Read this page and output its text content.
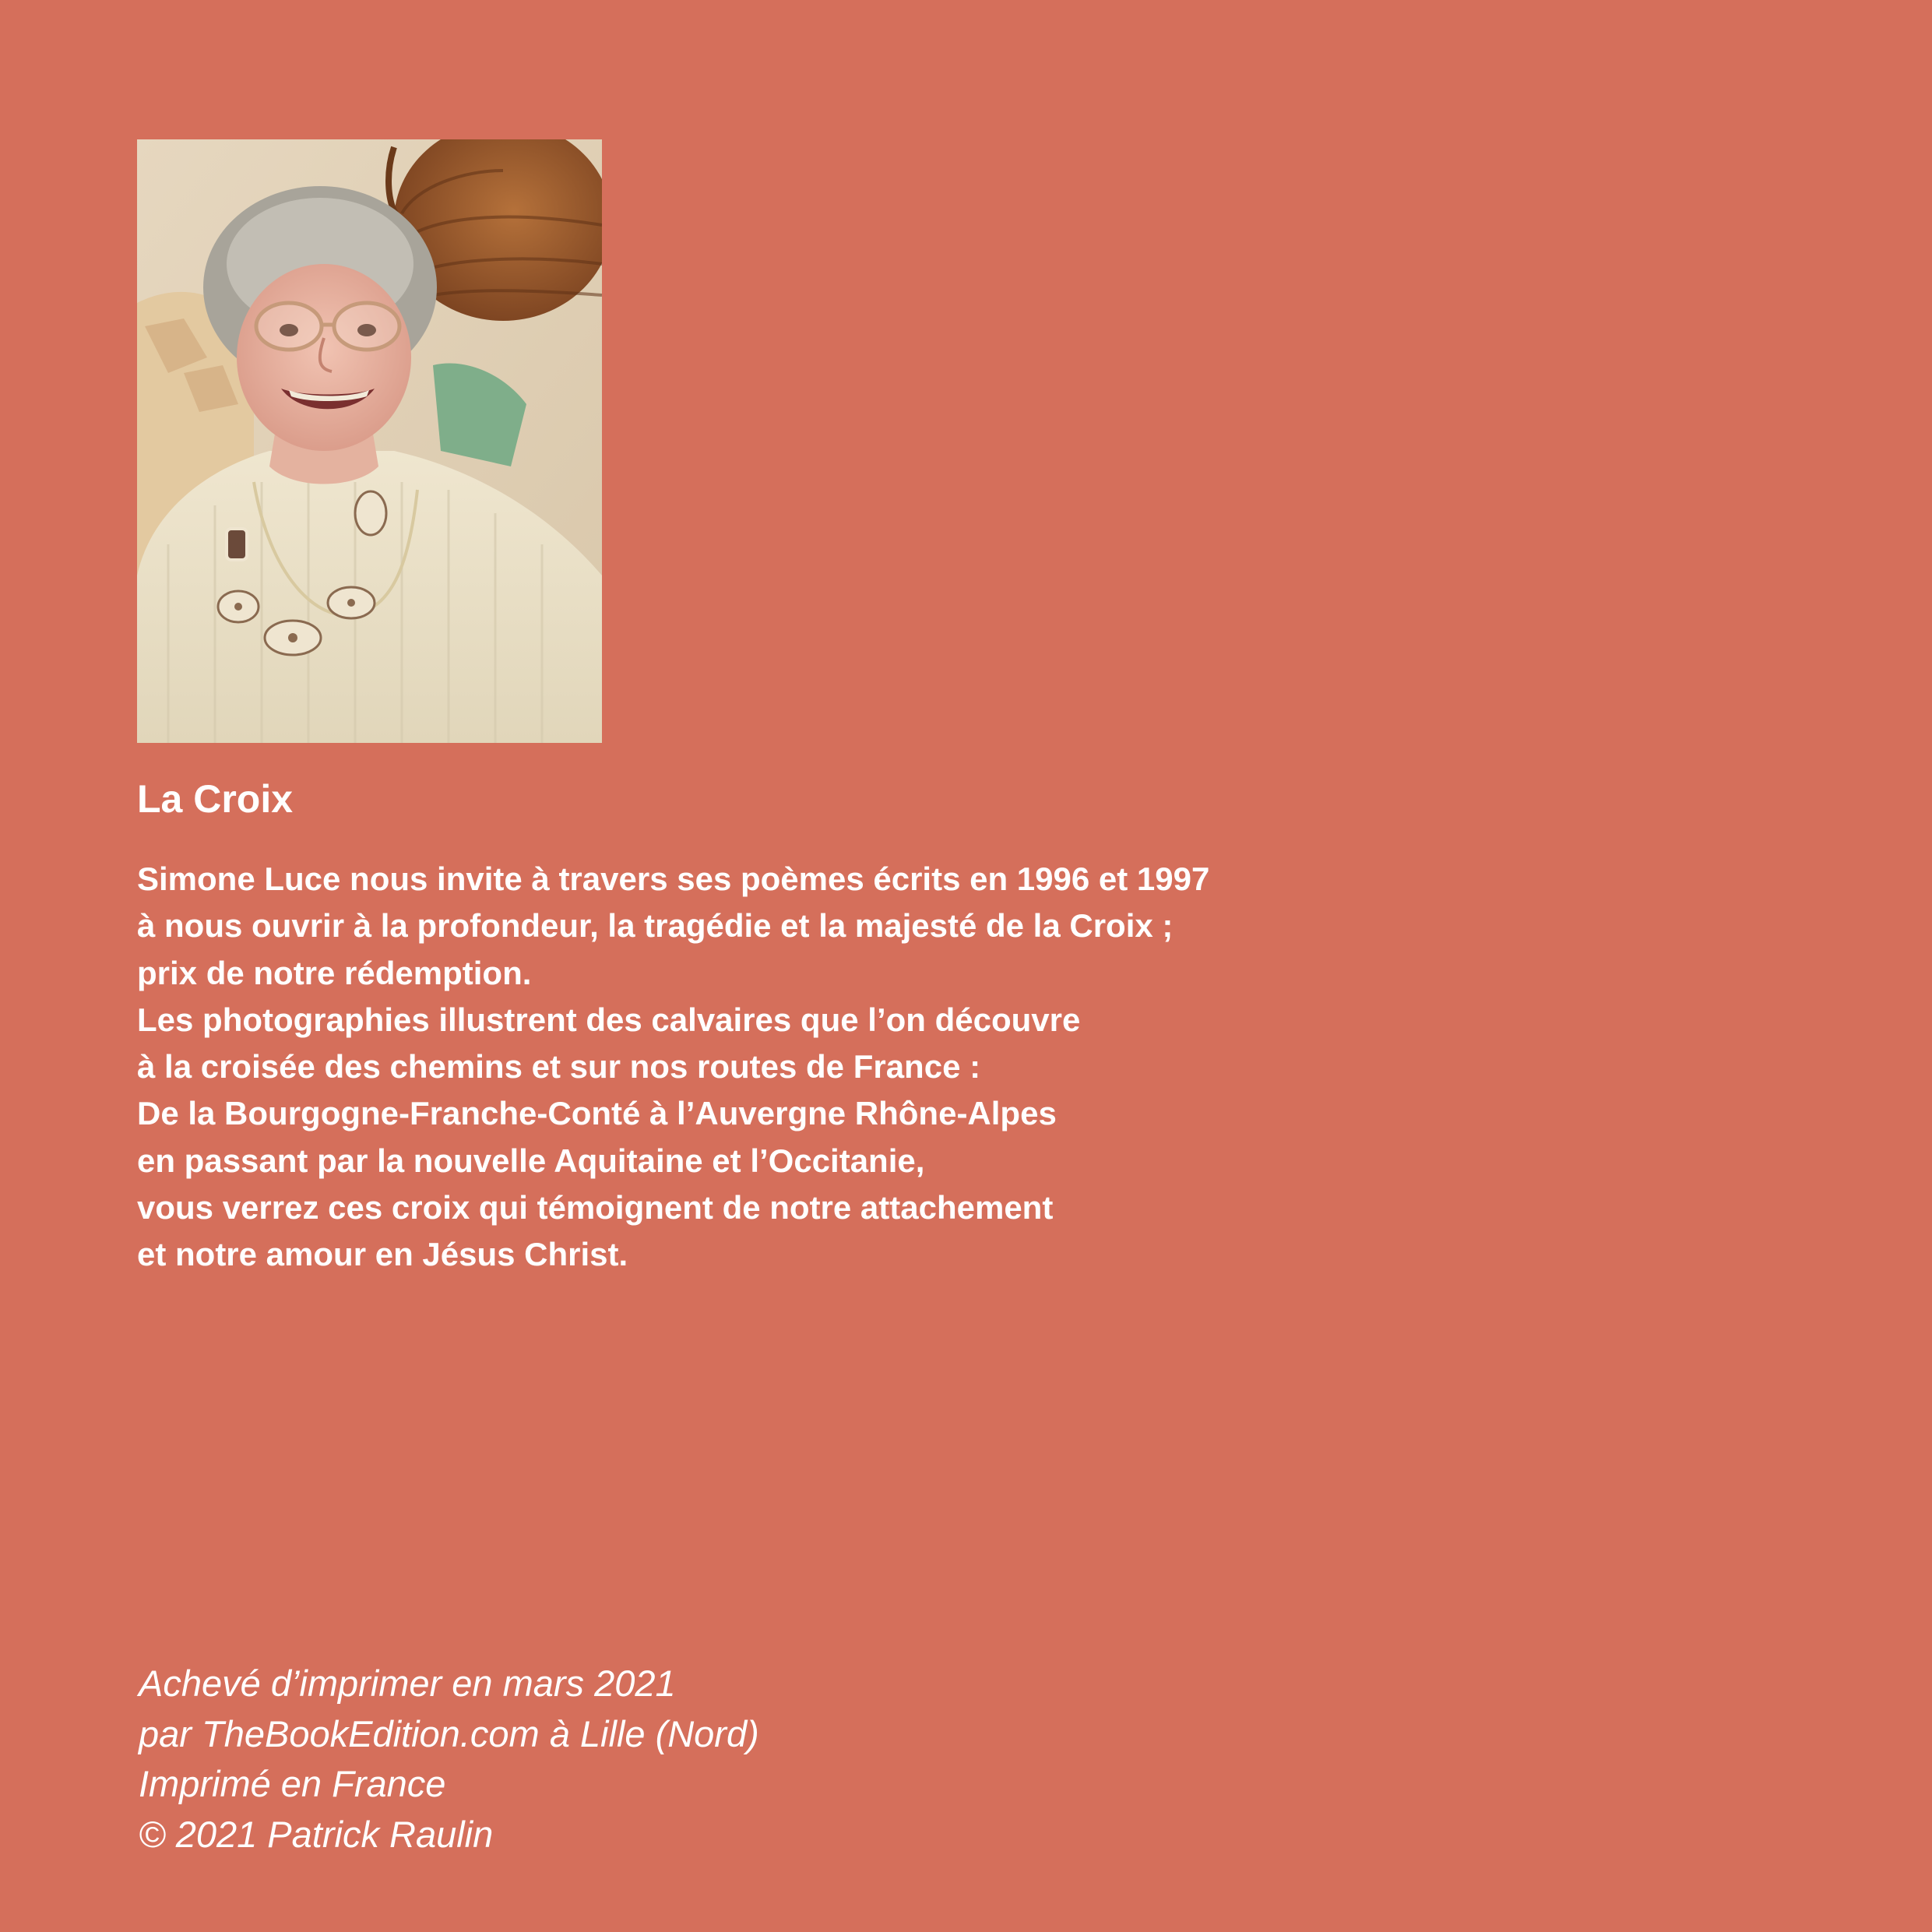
La Croix
Simone Luce nous invite à travers ses poèmes écrits en 1996 et 1997
à nous ouvrir à la profondeur, la tragédie et la majesté de la Croix ;
prix de notre rédemption.
Les photographies illustrent des calvaires que l’on découvre
à la croisée des chemins et sur nos routes de France :
De la Bourgogne-Franche-Conté à l’Auvergne Rhône-Alpes
en passant par la nouvelle Aquitaine et l’Occitanie,
vous verrez ces croix qui témoignent de notre attachement
et notre amour en Jésus Christ.
Achevé d’imprimer en mars 2021
par TheBookEdition.com à Lille (Nord)
Imprimé en France
© 2021 Patrick Raulin
